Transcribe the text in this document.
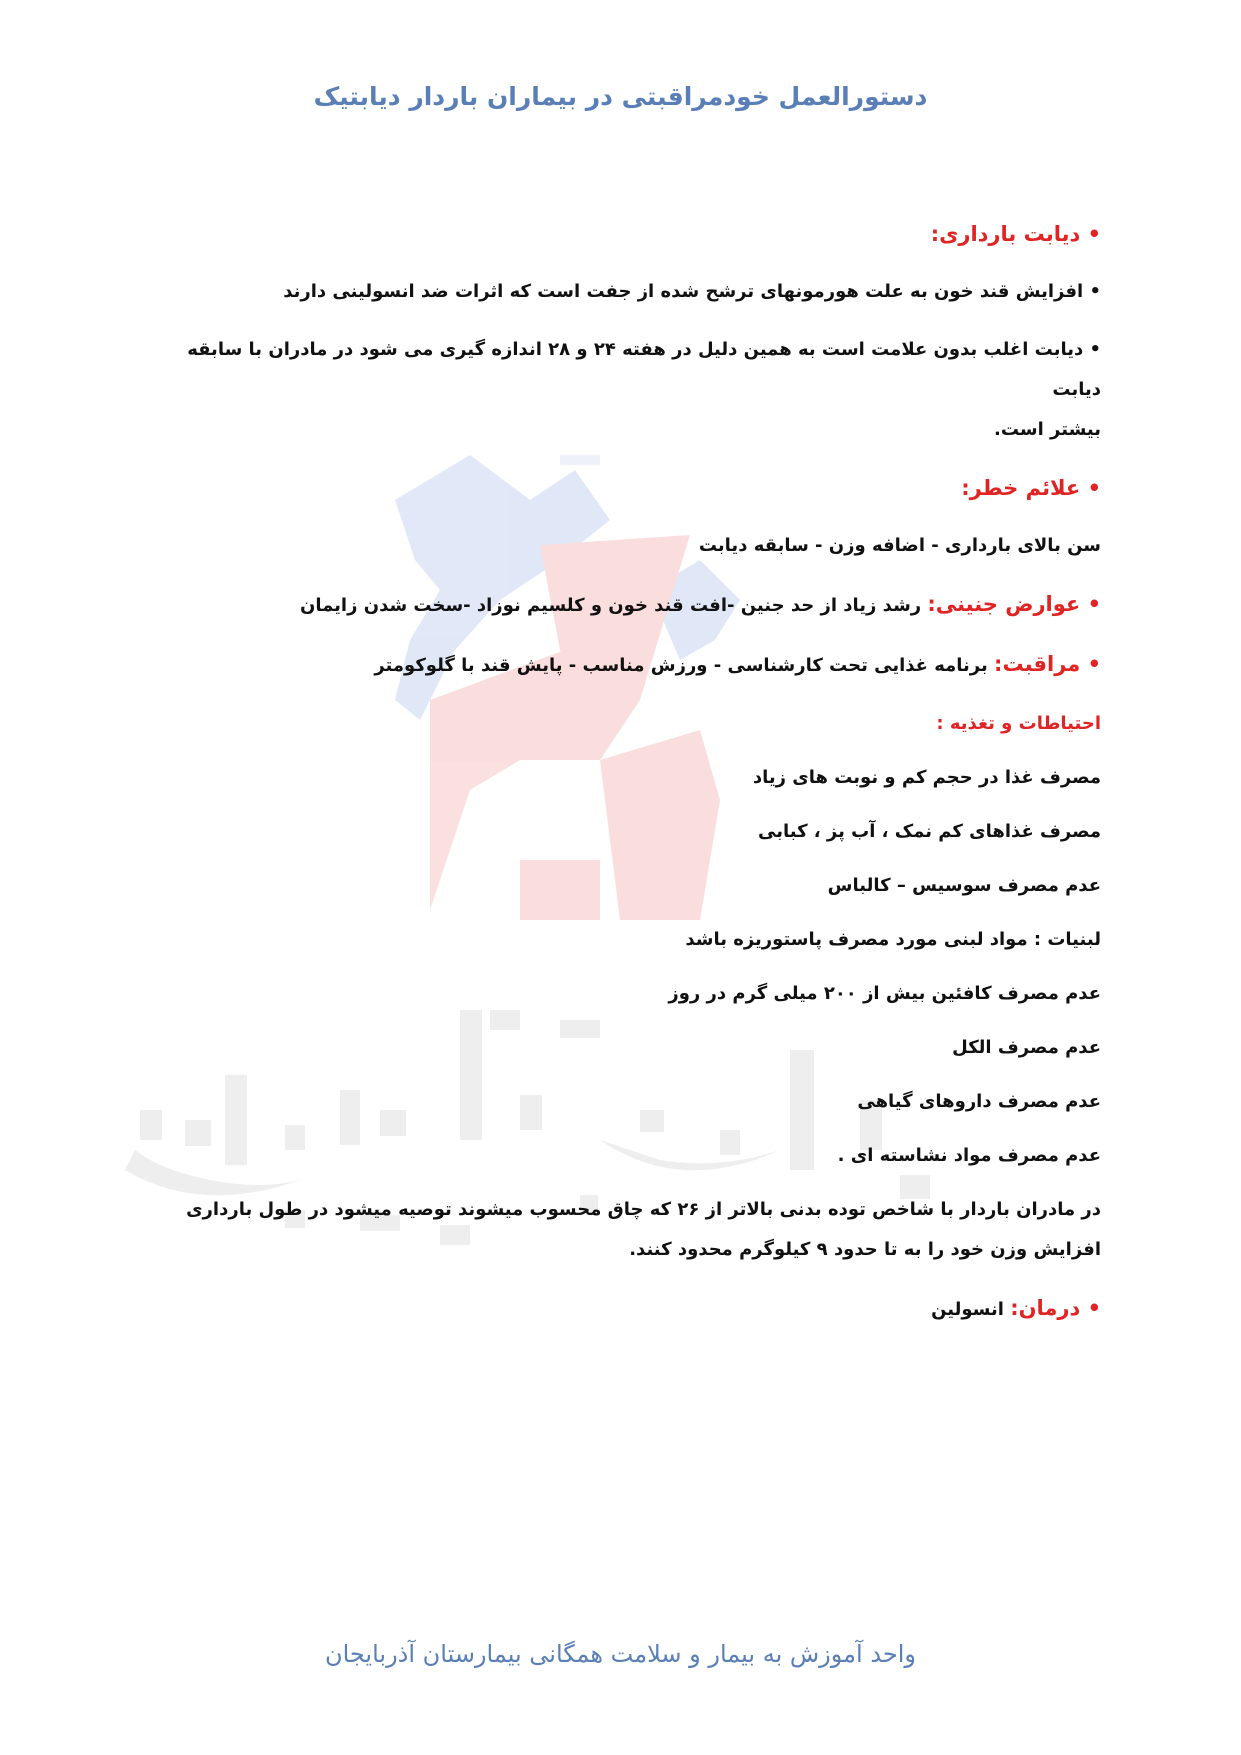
دستورالعمل خودمراقبتی در بیماران باردار دیابتیک

• دیابت بارداری:

• افزایش قند خون به علت هورمونهای ترشح شده از جفت است که اثرات ضد انسولینی دارند

• دیابت اغلب بدون علامت است به همین دلیل در هفته ۲۴ و ۲۸ اندازه گیری می شود در مادران با سابقه دیابت

بیشتر است.

• علائم خطر:

سن بالای بارداری - اضافه وزن - سابقه دیابت

• عوارض جنینی: رشد زیاد از حد جنین -افت قند خون و کلسیم نوزاد -سخت شدن زایمان

• مراقبت: برنامه غذایی تحت کارشناسی - ورزش مناسب - پایش قند با گلوکومتر

احتیاطات و تغذیه :

مصرف غذا در حجم کم و نوبت های زیاد

مصرف غذاهای کم نمک ، آب پز ، کبابی

عدم مصرف سوسیس – کالباس

لبنیات : مواد لبنی مورد مصرف پاستوریزه باشد

عدم مصرف کافئین بیش از ۲۰۰ میلی گرم در روز

عدم مصرف الکل

عدم مصرف داروهای گیاهی

عدم مصرف مواد نشاسته ای .

در مادران باردار با شاخص توده بدنی بالاتر از ۲۶ که چاق محسوب میشوند توصیه میشود در طول بارداری

افزایش وزن خود را به تا حدود ۹ کیلوگرم محدود کنند.

• درمان: انسولین

واحد آموزش به بیمار و سلامت همگانی بیمارستان آذربایجان
